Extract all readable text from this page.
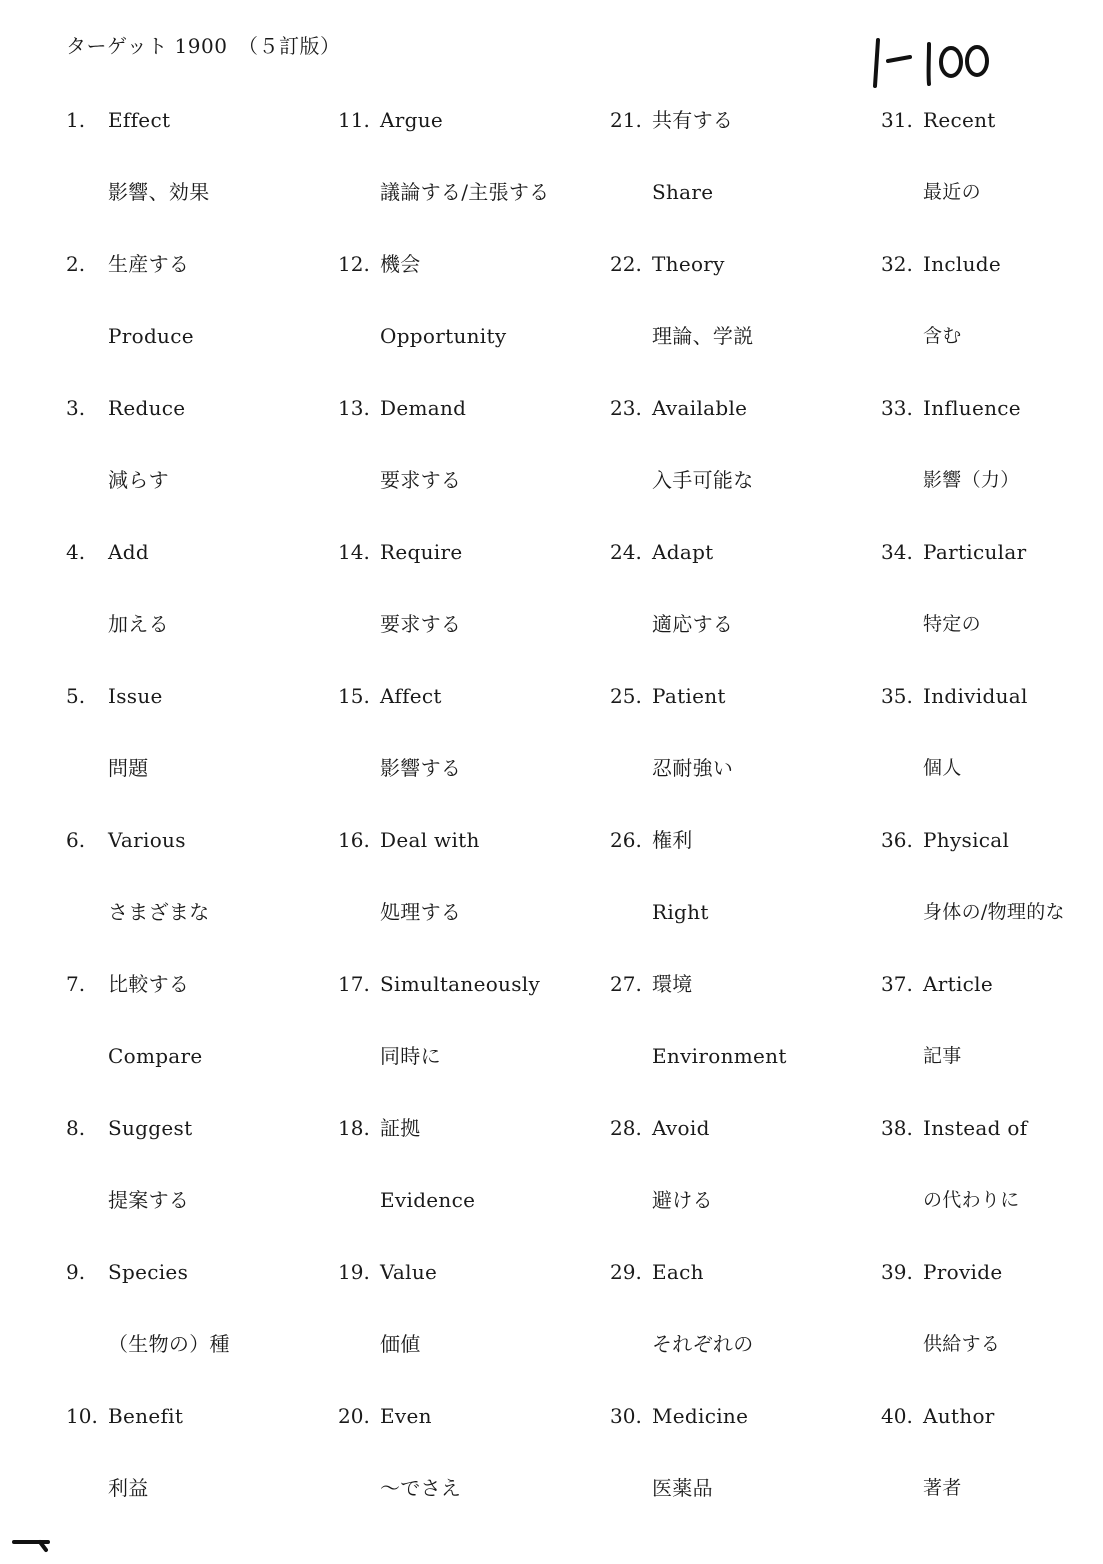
ターゲット 1900　（５訂版）
1. Effect
影響、効果
2. 生産する
Produce
3. Reduce
減らす
4. Add
加える
5. Issue
問題
6. Various
さまざまな
7. 比較する
Compare
8. Suggest
提案する
9. Species
（生物の）種
10. Benefit
利益
11. Argue
議論する/主張する
12. 機会
Opportunity
13. Demand
要求する
14. Require
要求する
15. Affect
影響する
16. Deal with
処理する
17. Simultaneously
同時に
18. 証拠
Evidence
19. Value
価値
20. Even
～でさえ
21. 共有する
Share
22. Theory
理論、学説
23. Available
入手可能な
24. Adapt
適応する
25. Patient
忍耐強い
26. 権利
Right
27. 環境
Environment
28. Avoid
避ける
29. Each
それぞれの
30. Medicine
医薬品
31. Recent
最近の
32. Include
含む
33. Influence
影響（力）
34. Particular
特定の
35. Individual
個人
36. Physical
身体の/物理的な
37. Article
記事
38. Instead of
の代わりに
39. Provide
供給する
40. Author
著者
